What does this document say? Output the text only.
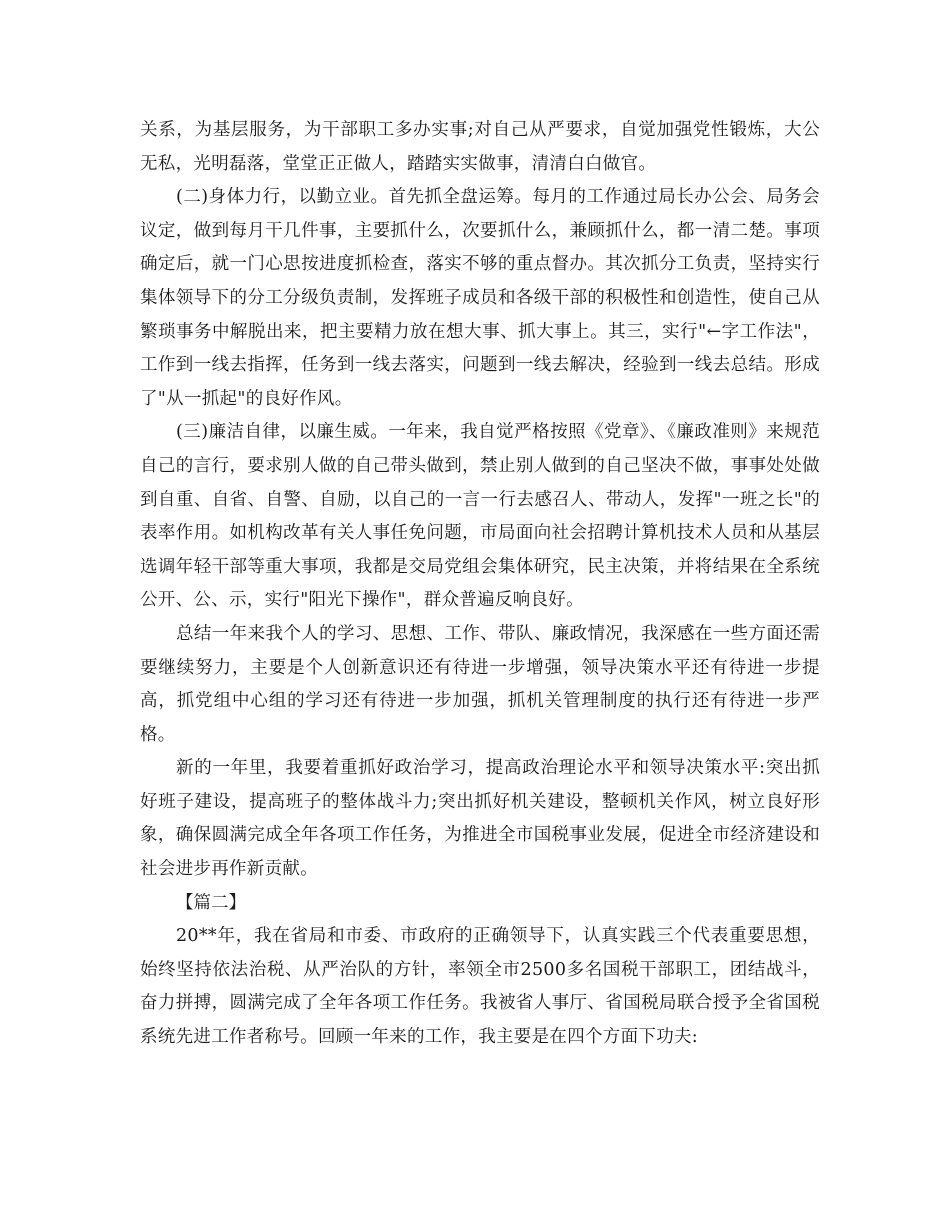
关系，为基层服务，为干部职工多办实事;对自己从严要求，自觉加强党性锻炼，大公无私，光明磊落，堂堂正正做人，踏踏实实做事，清清白白做官。

(二)身体力行，以勤立业。首先抓全盘运筹。每月的工作通过局长办公会、局务会议定，做到每月干几件事，主要抓什么，次要抓什么，兼顾抓什么，都一清二楚。事项确定后，就一门心思按进度抓检查，落实不够的重点督办。其次抓分工负责，坚持实行集体领导下的分工分级负责制，发挥班子成员和各级干部的积极性和创造性，使自己从繁琐事务中解脱出来，把主要精力放在想大事、抓大事上。其三，实行"←字工作法"，工作到一线去指挥，任务到一线去落实，问题到一线去解决，经验到一线去总结。形成了"从一抓起"的良好作风。

(三)廉洁自律，以廉生威。一年来，我自觉严格按照《党章》、《廉政准则》来规范自己的言行，要求别人做的自己带头做到，禁止别人做到的自己坚决不做，事事处处做到自重、自省、自警、自励，以自己的一言一行去感召人、带动人，发挥"一班之长"的表率作用。如机构改革有关人事任免问题，市局面向社会招聘计算机技术人员和从基层选调年轻干部等重大事项，我都是交局党组会集体研究，民主决策，并将结果在全系统公开、公、示，实行"阳光下操作"，群众普遍反响良好。

总结一年来我个人的学习、思想、工作、带队、廉政情况，我深感在一些方面还需要继续努力，主要是个人创新意识还有待进一步增强，领导决策水平还有待进一步提高，抓党组中心组的学习还有待进一步加强，抓机关管理制度的执行还有待进一步严格。

新的一年里，我要着重抓好政治学习，提高政治理论水平和领导决策水平:突出抓好班子建设，提高班子的整体战斗力;突出抓好机关建设，整顿机关作风，树立良好形象，确保圆满完成全年各项工作任务，为推进全市国税事业发展，促进全市经济建设和社会进步再作新贡献。

【篇二】

20**年，我在省局和市委、市政府的正确领导下，认真实践三个代表重要思想，始终坚持依法治税、从严治队的方针，率领全市2500多名国税干部职工，团结战斗，奋力拼搏，圆满完成了全年各项工作任务。我被省人事厅、省国税局联合授予全省国税系统先进工作者称号。回顾一年来的工作，我主要是在四个方面下功夫:
